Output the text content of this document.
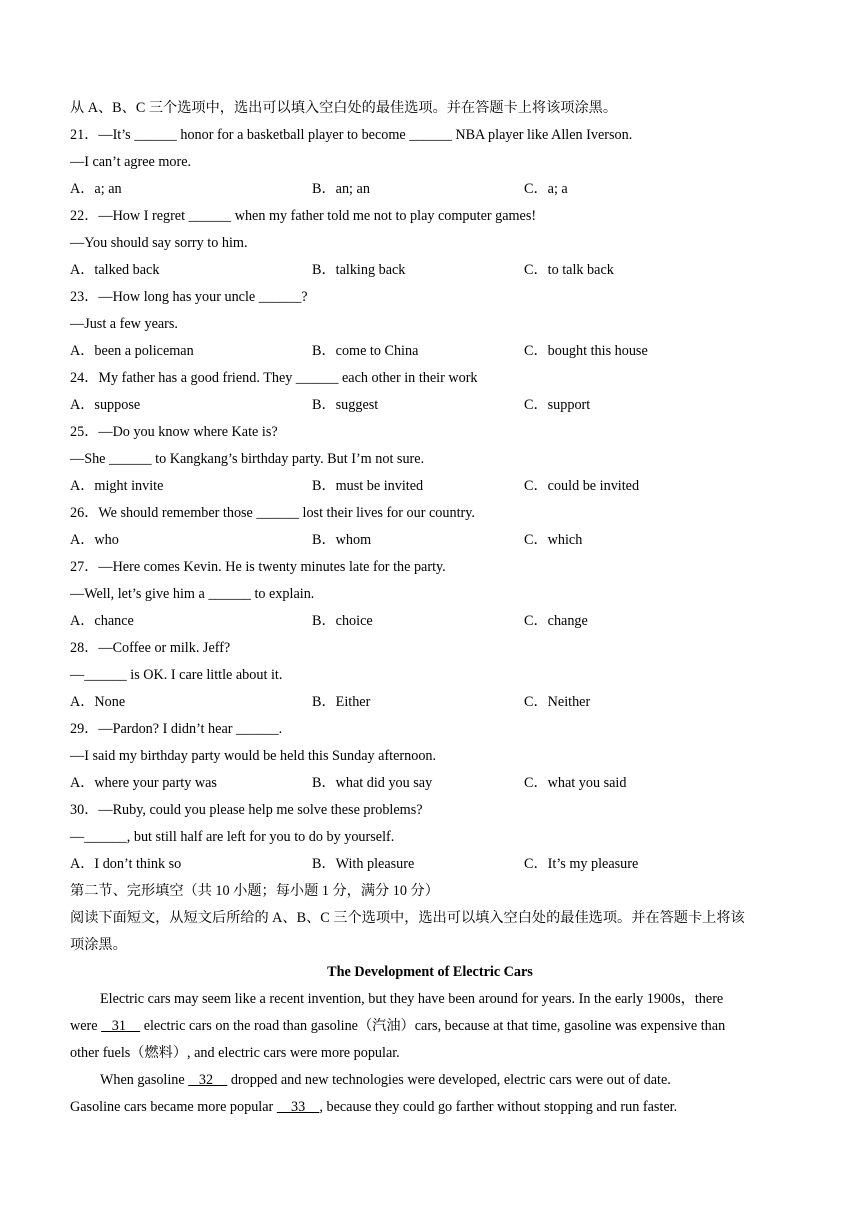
从 A、B、C 三个选项中，选出可以填入空白处的最佳选项。并在答题卡上将该项涂黑。
21．—It’s ______ honor for a basketball player to become ______ NBA player like Allen Iverson.
—I can’t agree more.
A．a; an	B．an; an	C．a; a
22．—How I regret ______ when my father told me not to play computer games!
—You should say sorry to him.
A．talked back	B．talking back	C．to talk back
23．—How long has your uncle ______?
—Just a few years.
A．been a policeman	B．come to China	C．bought this house
24．My father has a good friend. They ______ each other in their work
A．suppose	B．suggest	C．support
25．—Do you know where Kate is?
—She ______ to Kangkang’s birthday party. But I’m not sure.
A．might invite	B．must be invited	C．could be invited
26．We should remember those ______ lost their lives for our country.
A．who	B．whom	C．which
27．—Here comes Kevin. He is twenty minutes late for the party.
—Well, let’s give him a ______ to explain.
A．chance	B．choice	C．change
28．—Coffee or milk. Jeff?
—______ is OK. I care little about it.
A．None	B．Either	C．Neither
29．—Pardon? I didn’t hear ______.
—I said my birthday party would be held this Sunday afternoon.
A．where your party was	B．what did you say	C．what you said
30．—Ruby, could you please help me solve these problems?
—______, but still half are left for you to do by yourself.
A．I don’t think so	B．With pleasure	C．It’s my pleasure
第二节、完形填空（共 10 小题；每小题 1 分，满分 10 分）
阅读下面短文，从短文后所给的 A、B、C 三个选项中，选出可以填入空白处的最佳选项。并在答题卡上将该
项涂黑。
The Development of Electric Cars
Electric cars may seem like a recent invention, but they have been around for years. In the early 1900s，there
were    31     electric cars on the road than gasoline（汽油）cars, because at that time, gasoline was expensive than
other fuels（燃料）, and electric cars were more popular.
When gasoline    32     dropped and new technologies were developed, electric cars were out of date.
Gasoline cars became more popular     33    , because they could go farther without stopping and run faster.
